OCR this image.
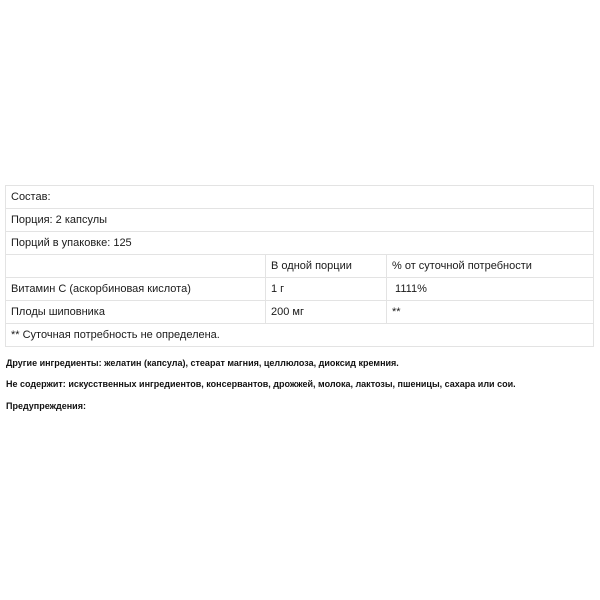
Состав:		
Порция: 2 капсулы		
Порций в упаковке: 125		
	В одной порции	% от суточной потребности
Витамин С (аскорбиновая кислота)	1 г	1111%
Плоды шиповника	200 мг	**
** Суточная потребность не определена.		

Другие ингредиенты: желатин (капсула), стеарат магния, целлюлоза, диоксид кремния.

Не содержит: искусственных ингредиентов, консервантов, дрожжей, молока, лактозы, пшеницы, сахара или сои.

Предупреждения:
